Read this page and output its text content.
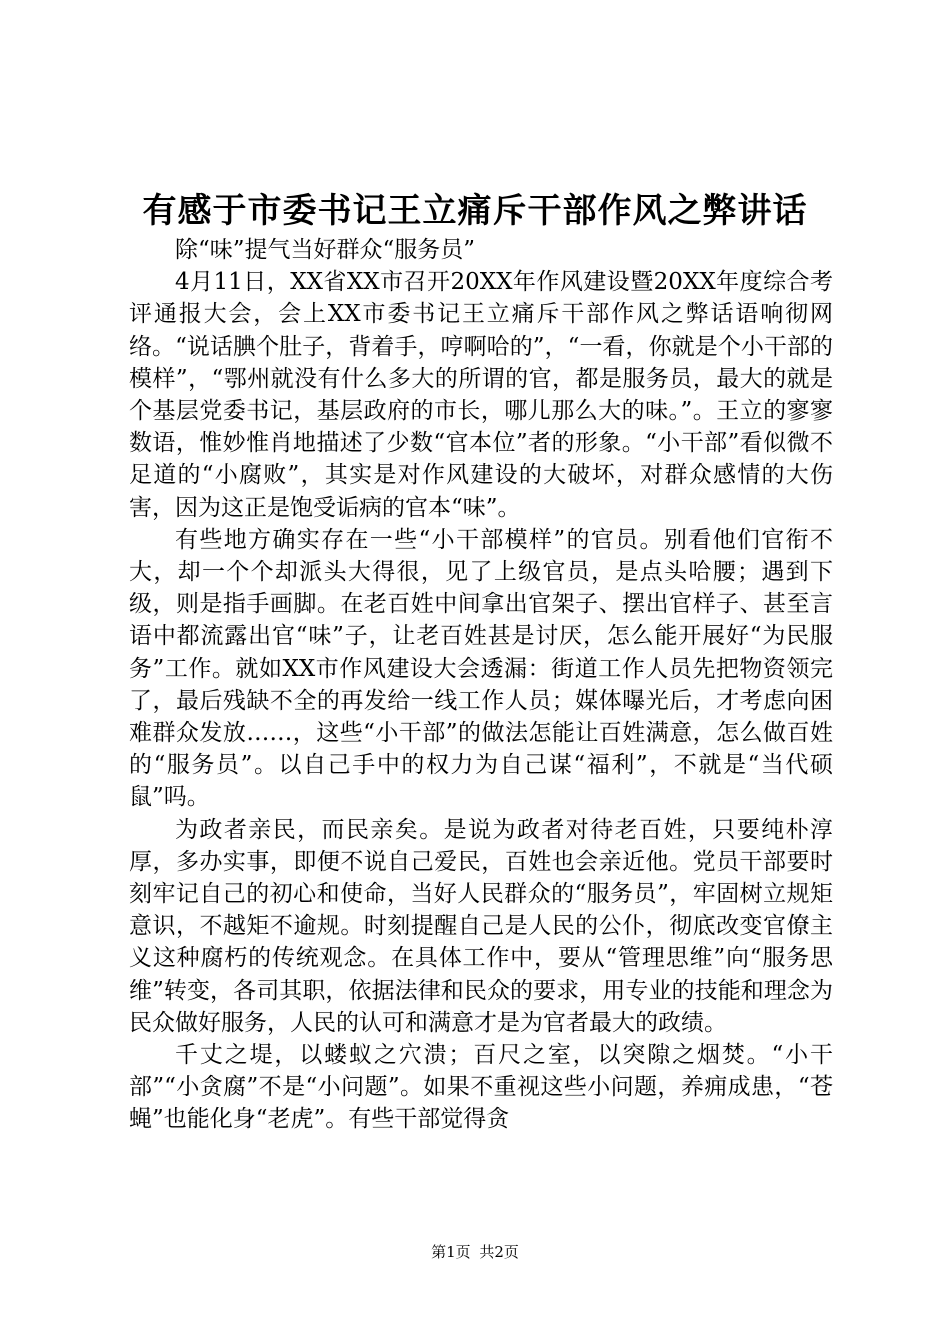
有感于市委书记王立痛斥干部作风之弊讲话

除“味”提气当好群众“服务员”

4月11日，XX省XX市召开20XX年作风建设暨20XX年度综合考评通报大会，会上XX市委书记王立痛斥干部作风之弊话语响彻网络。“说话腆个肚子，背着手，哼啊哈的”，“一看，你就是个小干部的模样”，“鄂州就没有什么多大的所谓的官，都是服务员，最大的就是个基层党委书记，基层政府的市长，哪儿那么大的味。”。王立的寥寥数语，惟妙惟肖地描述了少数“官本位”者的形象。“小干部”看似微不足道的“小腐败”，其实是对作风建设的大破坏，对群众感情的大伤害，因为这正是饱受诟病的官本“味”。

有些地方确实存在一些“小干部模样”的官员。别看他们官衔不大，却一个个却派头大得很，见了上级官员，是点头哈腰；遇到下级，则是指手画脚。在老百姓中间拿出官架子、摆出官样子、甚至言语中都流露出官“味”子，让老百姓甚是讨厌，怎么能开展好“为民服务”工作。就如XX市作风建设大会透漏：街道工作人员先把物资领完了，最后残缺不全的再发给一线工作人员；媒体曝光后，才考虑向困难群众发放……，这些“小干部”的做法怎能让百姓满意，怎么做百姓的“服务员”。以自己手中的权力为自己谋“福利”，不就是“当代硕鼠”吗。

为政者亲民，而民亲矣。是说为政者对待老百姓，只要纯朴淳厚，多办实事，即便不说自己爱民，百姓也会亲近他。党员干部要时刻牢记自己的初心和使命，当好人民群众的“服务员”，牢固树立规矩意识，不越矩不逾规。时刻提醒自己是人民的公仆，彻底改变官僚主义这种腐朽的传统观念。在具体工作中，要从“管理思维”向“服务思维”转变，各司其职，依据法律和民众的要求，用专业的技能和理念为民众做好服务，人民的认可和满意才是为官者最大的政绩。

千丈之堤，以蝼蚁之穴溃；百尺之室，以突隙之烟焚。“小干部”“小贪腐”不是“小问题”。如果不重视这些小问题，养痈成患，“苍蝇”也能化身“老虎”。有些干部觉得贪

第1页 共2页
